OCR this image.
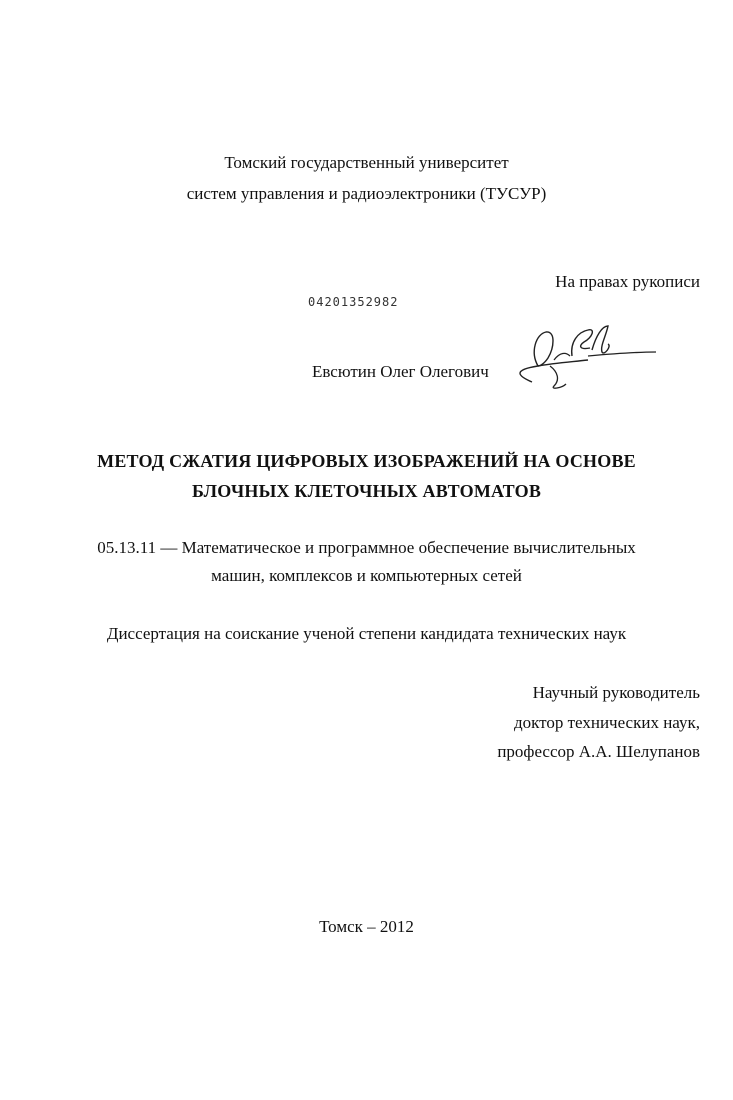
Томский государственный университет
систем управления и радиоэлектроники (ТУСУР)
На правах рукописи
04201352982
Евсютин Олег Олегович
МЕТОД СЖАТИЯ ЦИФРОВЫХ ИЗОБРАЖЕНИЙ НА ОСНОВЕ
БЛОЧНЫХ КЛЕТОЧНЫХ АВТОМАТОВ
05.13.11 — Математическое и программное обеспечение вычислительных
машин, комплексов и компьютерных сетей
Диссертация на соискание ученой степени кандидата технических наук
Научный руководитель
доктор технических наук,
профессор А.А. Шелупанов
Томск – 2012
